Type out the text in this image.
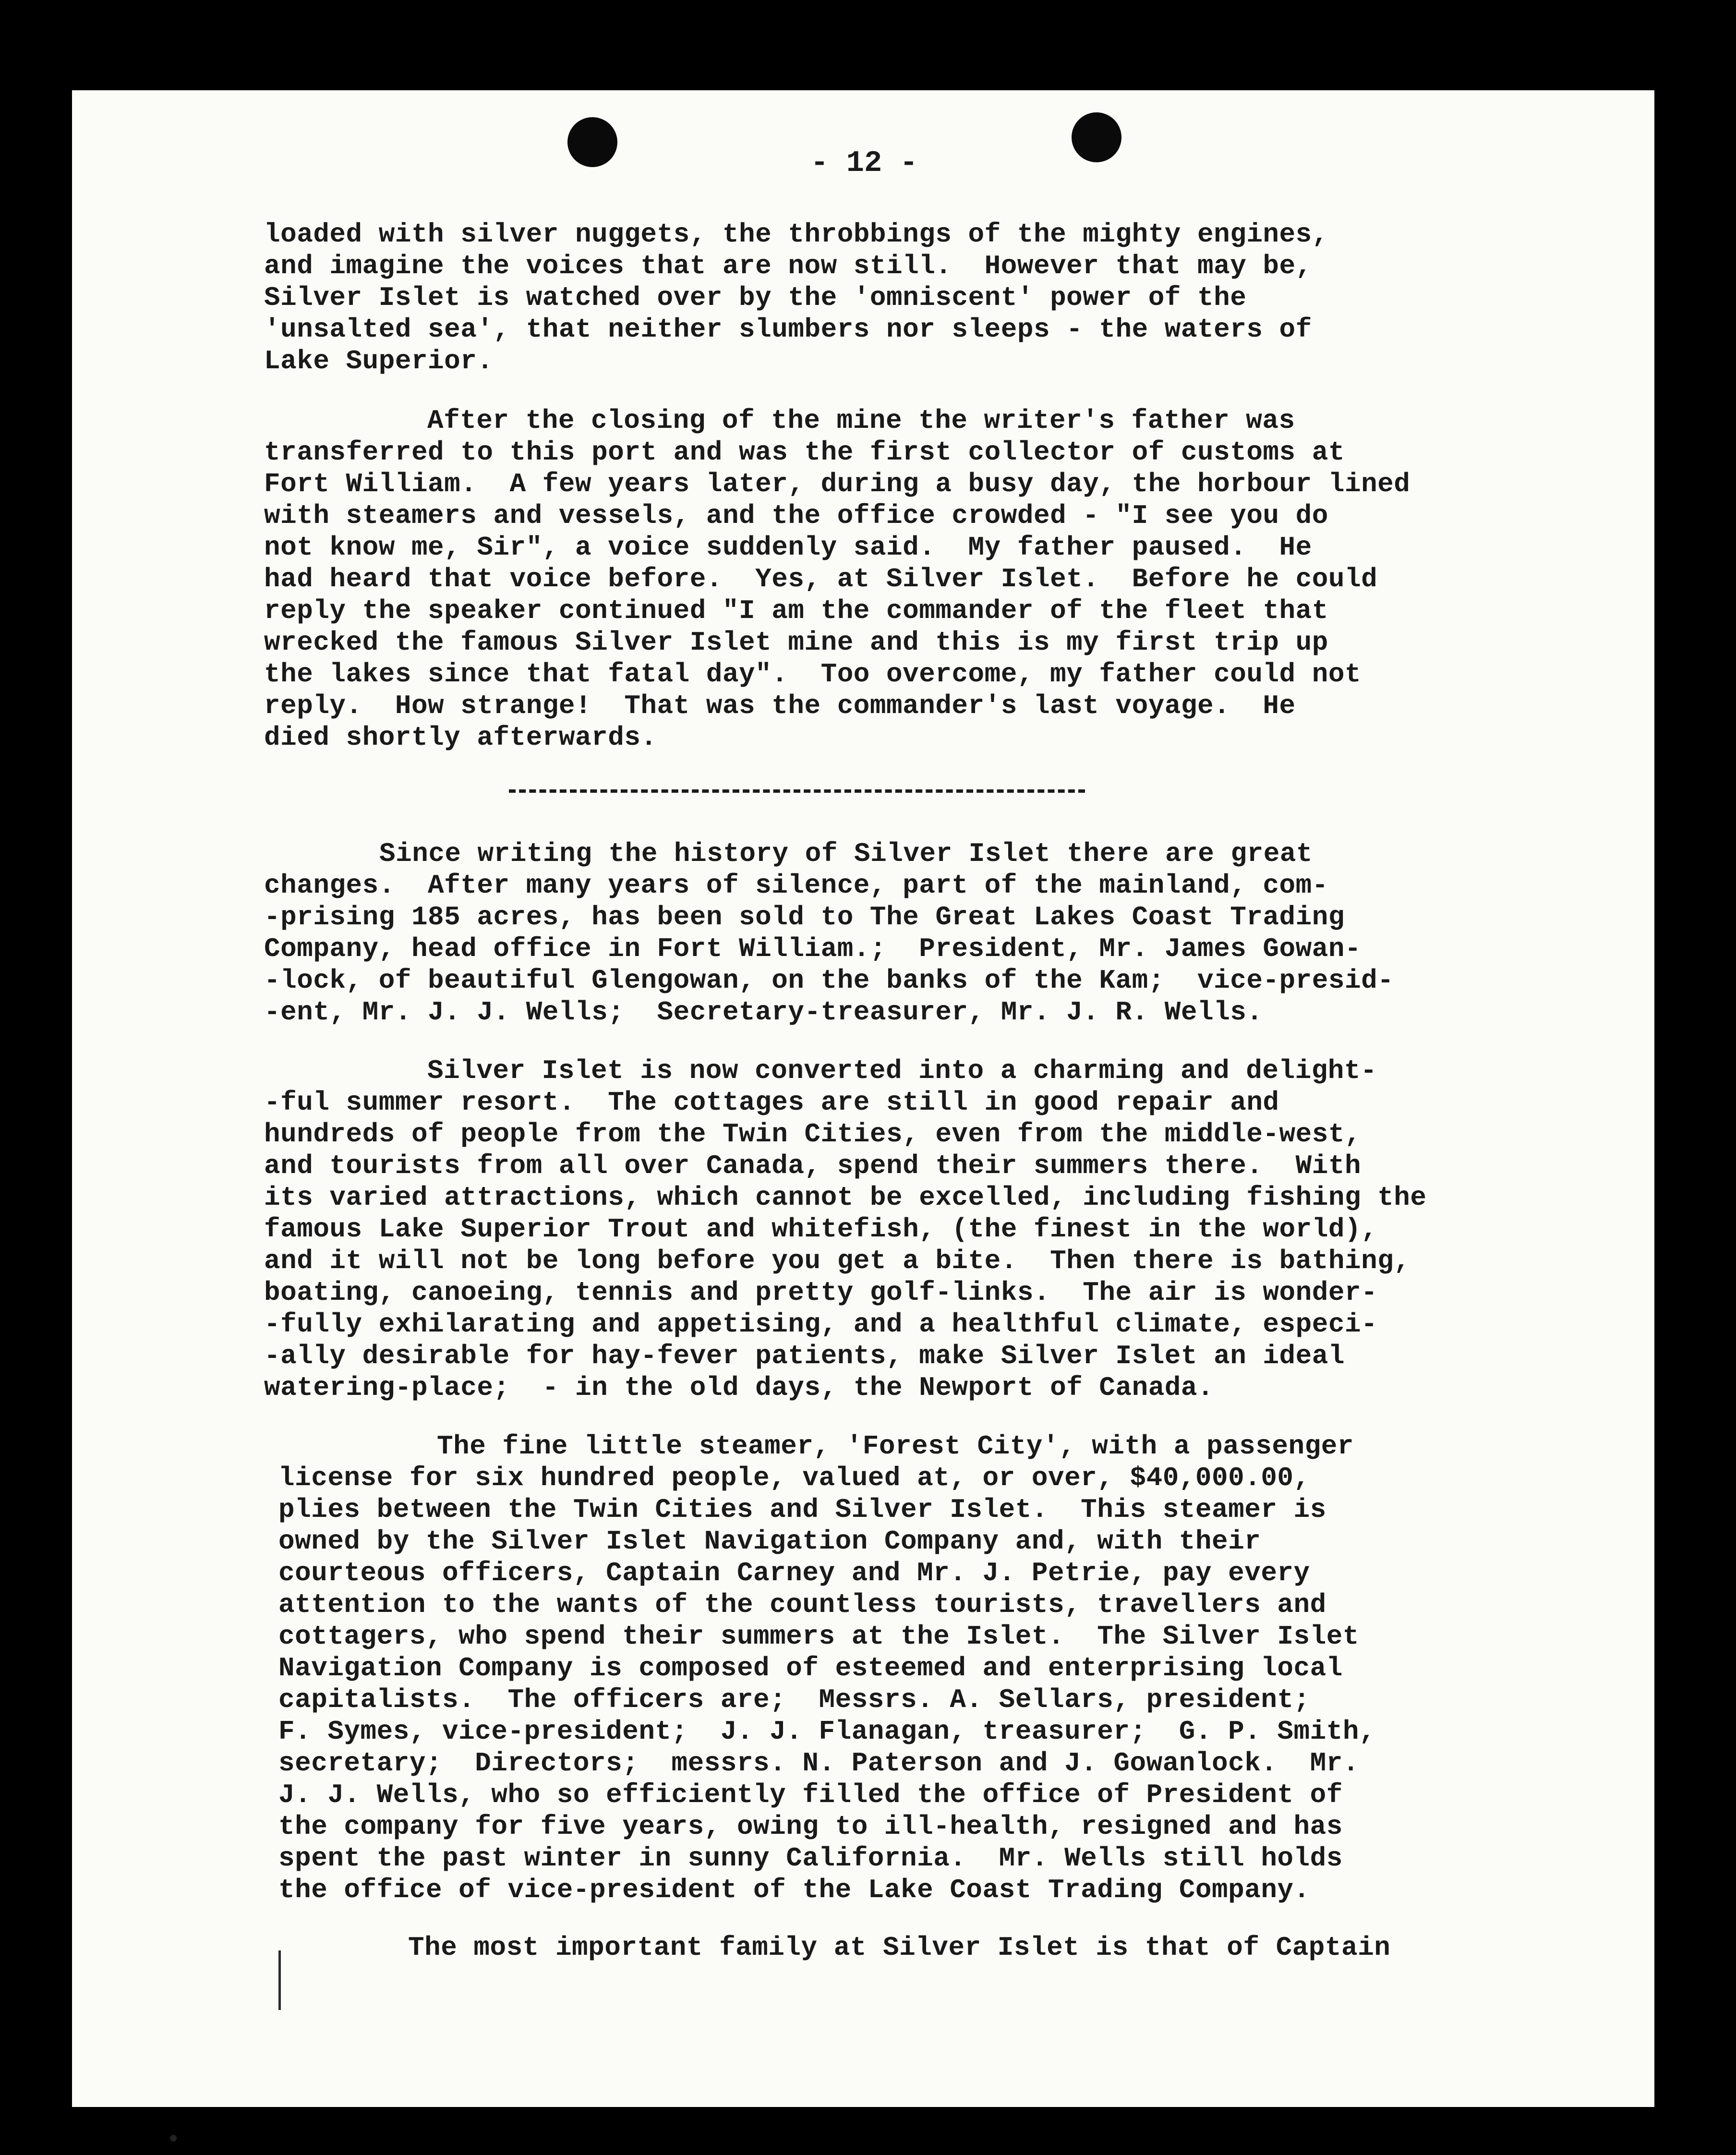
- 12 -

loaded with silver nuggets, the throbbings of the mighty engines,

and imagine the voices that are now still.  However that may be,

Silver Islet is watched over by the 'omniscent' power of the

'unsalted sea', that neither slumbers nor sleeps - the waters of

Lake Superior.

After the closing of the mine the writer's father was

transferred to this port and was the first collector of customs at

Fort William.  A few years later, during a busy day, the horbour lined

with steamers and vessels, and the office crowded - "I see you do

not know me, Sir", a voice suddenly said.  My father paused.  He

had heard that voice before.  Yes, at Silver Islet.  Before he could

reply the speaker continued "I am the commander of the fleet that

wrecked the famous Silver Islet mine and this is my first trip up

the lakes since that fatal day".  Too overcome, my father could not

reply.  How strange!  That was the commander's last voyage.  He

died shortly afterwards.

Since writing the history of Silver Islet there are great

changes.  After many years of silence, part of the mainland, com-

-prising 185 acres, has been sold to The Great Lakes Coast Trading

Company, head office in Fort William.;  President, Mr. James Gowan-

-lock, of beautiful Glengowan, on the banks of the Kam;  vice-presid-

-ent, Mr. J. J. Wells;  Secretary-treasurer, Mr. J. R. Wells.

Silver Islet is now converted into a charming and delight-

-ful summer resort.  The cottages are still in good repair and

hundreds of people from the Twin Cities, even from the middle-west,

and tourists from all over Canada, spend their summers there.  With

its varied attractions, which cannot be excelled, including fishing the

famous Lake Superior Trout and whitefish, (the finest in the world),

and it will not be long before you get a bite.  Then there is bathing,

boating, canoeing, tennis and pretty golf-links.  The air is wonder-

-fully exhilarating and appetising, and a healthful climate, especi-

-ally desirable for hay-fever patients, make Silver Islet an ideal

watering-place;  - in the old days, the Newport of Canada.

The fine little steamer, 'Forest City', with a passenger

license for six hundred people, valued at, or over, $40,000.00,

plies between the Twin Cities and Silver Islet.  This steamer is

owned by the Silver Islet Navigation Company and, with their

courteous officers, Captain Carney and Mr. J. Petrie, pay every

attention to the wants of the countless tourists, travellers and

cottagers, who spend their summers at the Islet.  The Silver Islet

Navigation Company is composed of esteemed and enterprising local

capitalists.  The officers are;  Messrs. A. Sellars, president;

F. Symes, vice-president;  J. J. Flanagan, treasurer;  G. P. Smith,

secretary;  Directors;  messrs. N. Paterson and J. Gowanlock.  Mr.

J. J. Wells, who so efficiently filled the office of President of

the company for five years, owing to ill-health, resigned and has

spent the past winter in sunny California.  Mr. Wells still holds

the office of vice-president of the Lake Coast Trading Company.

The most important family at Silver Islet is that of Captain
